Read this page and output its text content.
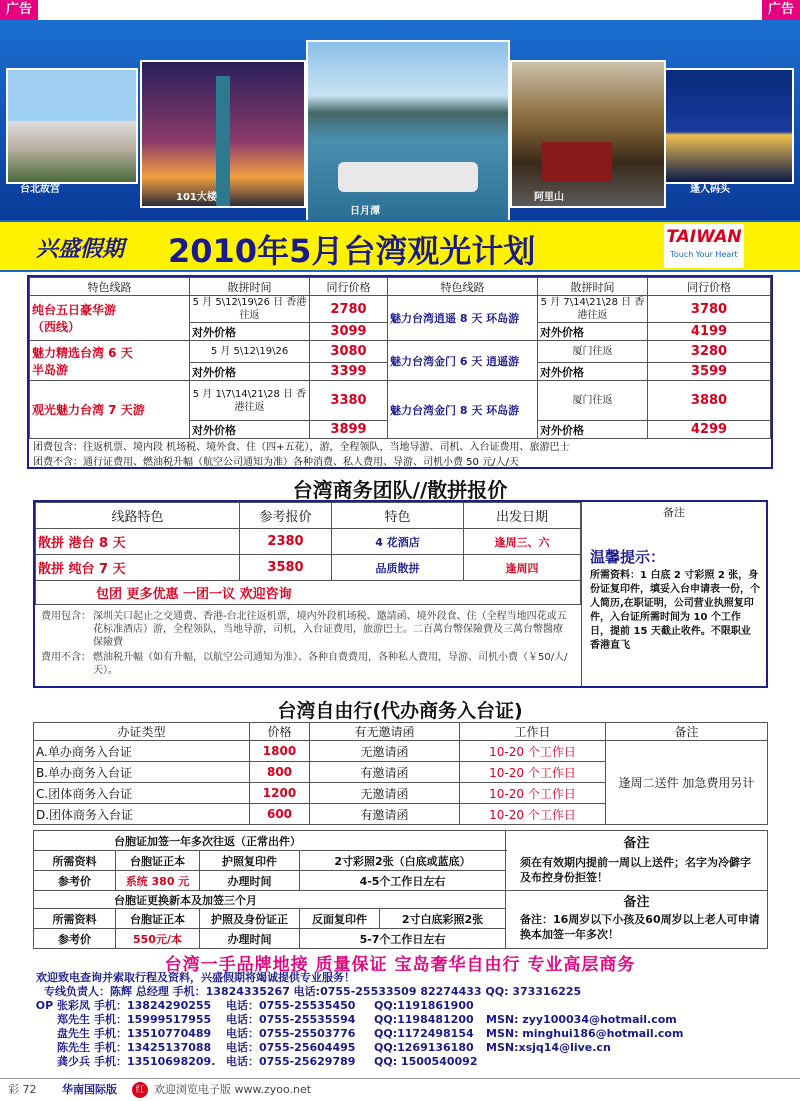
广告	广告
台北故宫
101大楼
日月潭
阿里山
逢人码头
兴盛假期 2010年5月台湾观光计划	TAIWAN
Touch Your Heart
特色线路	散拼时间	同行价格	特色线路	散拼时间	同行价格
纯台五日豪华游
（西线）	5 月 5\12\19\26 日 香港往返	2780	魅力台湾逍遥 8 天 环岛游	5 月 7\14\21\28 日 香港往返	3780
	对外价格	3099		对外价格	4199
魅力精选台湾 6 天
半岛游	5 月 5\12\19\26	3080	魅力台湾金门 6 天 逍遥游	厦门往返	3280
	对外价格	3399		对外价格	3599
观光魅力台湾 7 天游	5 月 1\7\14\21\28 日 香港往返	3380	魅力台湾金门 8 天 环岛游	厦门往返	3880
	对外价格	3899		对外价格	4299
团费包含：往返机票、境内段 机场税、境外食、住（四+五花），游，全程领队，当地导游、司机、入台证费用、旅游巴士
团费不含：通行证费用、燃油税升幅（航空公司通知为准）各种消费、私人费用、导游、司机小费 50 元/人/天
台湾商务团队//散拼报价
线路特色	参考报价	特色	出发日期
散拼 港台 8 天	2380	4 花酒店	逢周三、六
散拼 纯台 7 天	3580	品质散拼	逢周四
包团 更多优惠 一团一议 欢迎咨询			
费用包含： 深圳关口起止之交通费、香港-台北往返机票，境内外段机场税、邀請函、境外段食、住（全程当地四花或五花标准酒店）游，全程领队，当地导游，司机，入台证费用，旅游巴士。二百萬台幣保險費及三萬台幣醫療保險費
费用不含： 燃油税升幅（如有升幅，以航空公司通知为准）、各种自费费用，各种私人费用，导游、司机小费（￥50/人/天）。
备注
温馨提示：
所需资料：1 白底 2 寸彩照 2 张，身份证复印件，填妥入台申请表一份，个人简历,在职证明，公司营业执照复印件，入台证所需时间为 10 个工作日，提前 15 天截止收件。不限职业 香港直飞
台湾自由行(代办商务入台证)
办证类型	价格	有无邀请函	工作日	备注
A.单办商务入台证	1800	无邀请函	10-20 个工作日	逢周二送件 加急费用另计
B.单办商务入台证	800	有邀请函	10-20 个工作日	
C.团体商务入台证	1200	无邀请函	10-20 个工作日	
D.团体商务入台证	600	有邀请函	10-20 个工作日	
台胞证加签一年多次往返（正常出件）				备注
须在有效期内提前一周以上送件；名字为冷僻字及布控身份拒签！

所需资料	台胞证正本	护照复印件	2寸彩照2张（白底或蓝底）	
参考价	系统 380 元	办理时间	4-5个工作日左右	
台胞证更换新本及加签三个月					备注
备注：16周岁以下小孩及60周岁以上老人可申请换本加签一年多次！

所需资料	台胞证正本	护照及身份证正	反面复印件	2寸白底彩照2张	
参考价	550元/本	办理时间	5-7个工作日左右		
台湾一手品牌地接 质量保证 宝岛奢华自由行 专业高层商务
欢迎致电查询并索取行程及资料，兴盛假期将竭诚提供专业服务！
专线负责人：陈辉 总经理 手机：13824335267 电话:0755-25533509 82274433 QQ: 373316225
OP 张彩凤 手机：13824290255	电话：0755-25535450	QQ:1191861900
郑先生 手机：15999517955	电话：0755-25535594	QQ:1198481200	MSN: zyy100034@hotmail.com
盘先生 手机：13510770489	电话：0755-25503776	QQ:1172498154	MSN: minghui186@hotmail.com
陈先生 手机：13425137088	电话：0755-25604495	QQ:1269136180	MSN:xsjq14@live.cn
龚少兵 手机：13510698209. 电话：0755-25629789	QQ: 1500540092
彩 72 华南国际版	红 欢迎浏览电子版 www.zyoo.net
